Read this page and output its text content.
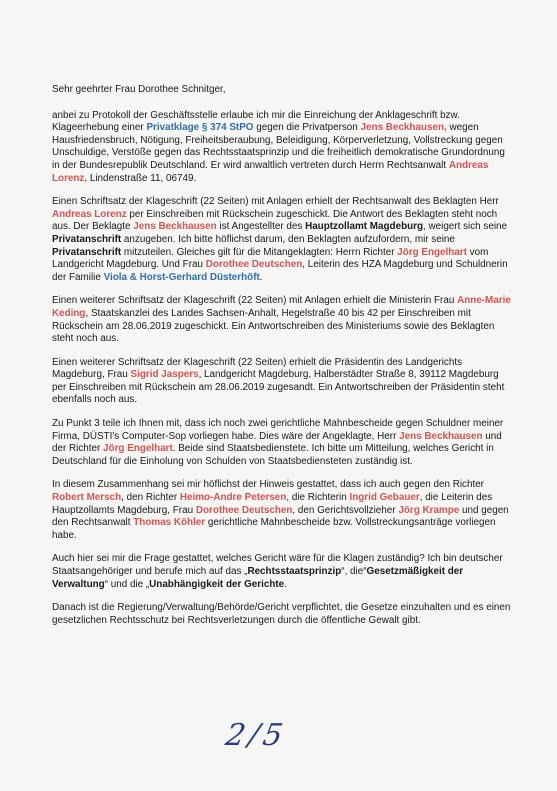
Sehr geehrter Frau Dorothee Schnitger,

anbei zu Protokoll der Geschäftsstelle erlaube ich mir die Einreichung der Anklageschrift bzw. Klageerhebung einer Privatklage § 374 StPO gegen die Privatperson Jens Beckhausen, wegen Hausfriedensbruch, Nötigung, Freiheitsberaubung, Beleidigung, Körperverletzung, Vollstreckung gegen Unschuldige, Verstöße gegen das Rechtsstaatsprinzip und die freiheitlich demokratische Grundordnung in der Bundesrepublik Deutschland. Er wird anwaltlich vertreten durch Herrn Rechtsanwalt Andreas Lorenz, Lindenstraße 11, 06749.

Einen Schriftsatz der Klageschrift (22 Seiten) mit Anlagen erhielt der Rechtsanwalt des Beklagten Herr Andreas Lorenz per Einschreiben mit Rückschein zugeschickt. Die Antwort des Beklagten steht noch aus. Der Beklagte Jens Beckhausen ist Angestellter des Hauptzollamt Magdeburg, weigert sich seine Privatanschrift anzugeben. Ich bitte höflichst darum, den Beklagten aufzufordern, mir seine Privatanschrift mitzuteilen. Gleiches gilt für die Mitangeklagten: Herrn Richter Jörg Engelhart vom Landgericht Magdeburg. Und Frau Dorothee Deutschen, Leiterin des HZA Magdeburg und Schuldnerin der Familie Viola & Horst-Gerhard Düsterhöft.

Einen weiterer Schriftsatz der Klageschrift (22 Seiten) mit Anlagen erhielt die Ministerin Frau Anne-Marie Keding, Staatskanzlei des Landes Sachsen-Anhalt, Hegelstraße 40 bis 42 per Einschreiben mit Rückschein am 28.06.2019 zugeschickt. Ein Antwortschreiben des Ministeriums sowie des Beklagten steht noch aus.

Einen weiterer Schriftsatz der Klageschrift (22 Seiten) erhielt die Präsidentin des Landgerichts Magdeburg, Frau Sigrid Jaspers, Landgericht Magdeburg, Halberstädter Straße 8, 39112 Magdeburg per Einschreiben mit Rückschein am 28.06.2019 zugesandt. Ein Antwortschreiben der Präsidentin steht ebenfalls noch aus.

Zu Punkt 3 teile ich Ihnen mit, dass ich noch zwei gerichtliche Mahnbescheide gegen Schuldner meiner Firma, DÜSTI's Computer-Sop vorliegen habe. Dies wäre der Angeklagte, Herr Jens Beckhausen und der Richter Jörg Engelhart. Beide sind Staatsbedienstete. Ich bitte um Mitteilung, welches Gericht in Deutschland für die Einholung von Schulden von Staatsbediensteten zuständig ist.

In diesem Zusammenhang sei mir höflichst der Hinweis gestattet, dass ich auch gegen den Richter Robert Mersch, den Richter Heimo-Andre Petersen, die Richterin Ingrid Gebauer, die Leiterin des Hauptzollamts Magdeburg, Frau Dorothee Deutschen, den Gerichtsvollzieher Jörg Krampe und gegen den Rechtsanwalt Thomas Köhler gerichtliche Mahnbescheide bzw. Vollstreckungsanträge vorliegen habe.

Auch hier sei mir die Frage gestattet, welches Gericht wäre für die Klagen zuständig? Ich bin deutscher Staatsangehöriger und berufe mich auf das „Rechtsstaatsprinzip“, die“Gesetzmäßigkeit der Verwaltung“ und die „Unabhängigkeit der Gerichte.

Danach ist die Regierung/Verwaltung/Behörde/Gericht verpflichtet, die Gesetze einzuhalten und es einen gesetzlichen Rechtsschutz bei Rechtsverletzungen durch die öffentliche Gewalt gibt.

2/5
